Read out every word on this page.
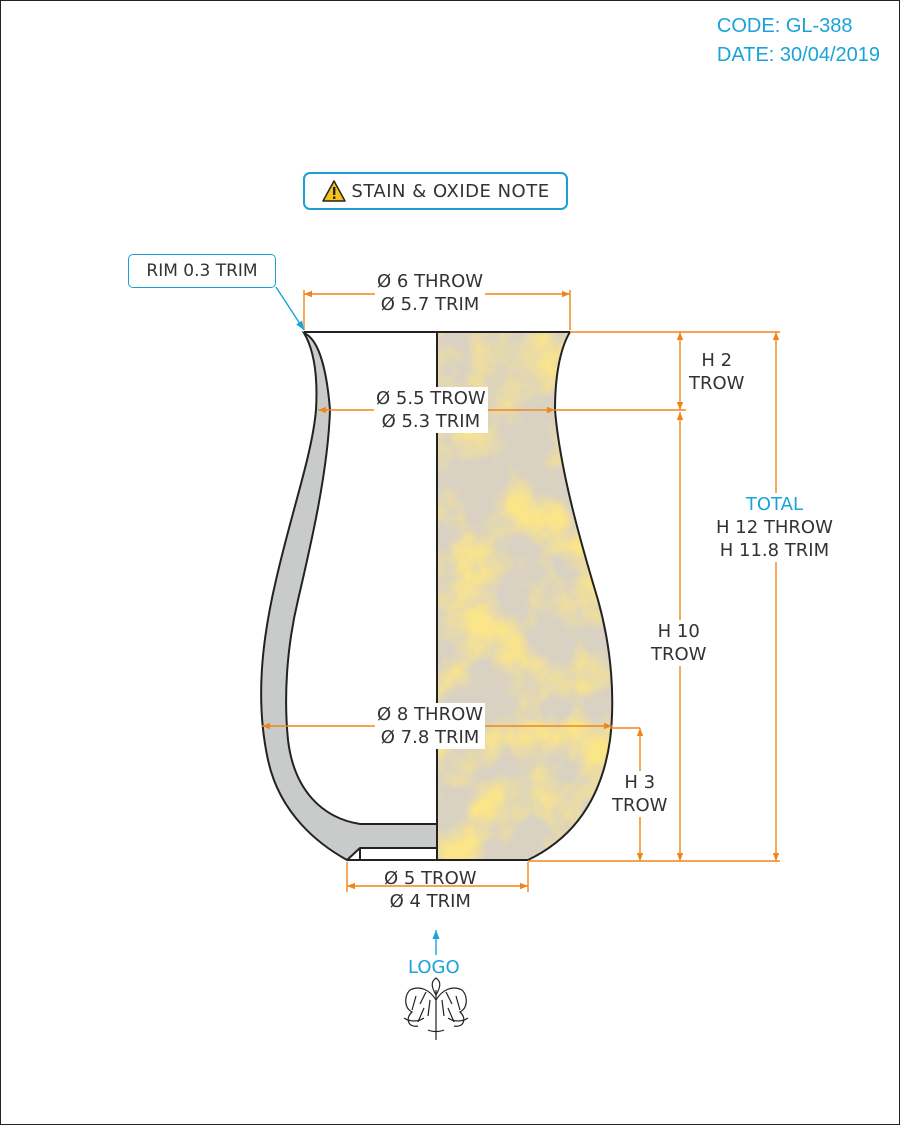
CODE: GL-388
DATE: 30/04/2019
STAIN & OXIDE NOTE
RIM 0.3 TRIM	Ø 6 THROW
Ø 5.7 TRIM
Ø 5.5 TROW
Ø 5.3 TRIM
Ø 8 THROW
Ø 7.8 TRIM
Ø 5 TROW
Ø 4 TRIM
H 2
TROW
H 10
TROW
H 3
TROW
TOTAL
H 12 THROW
H 11.8 TRIM
LOGO
